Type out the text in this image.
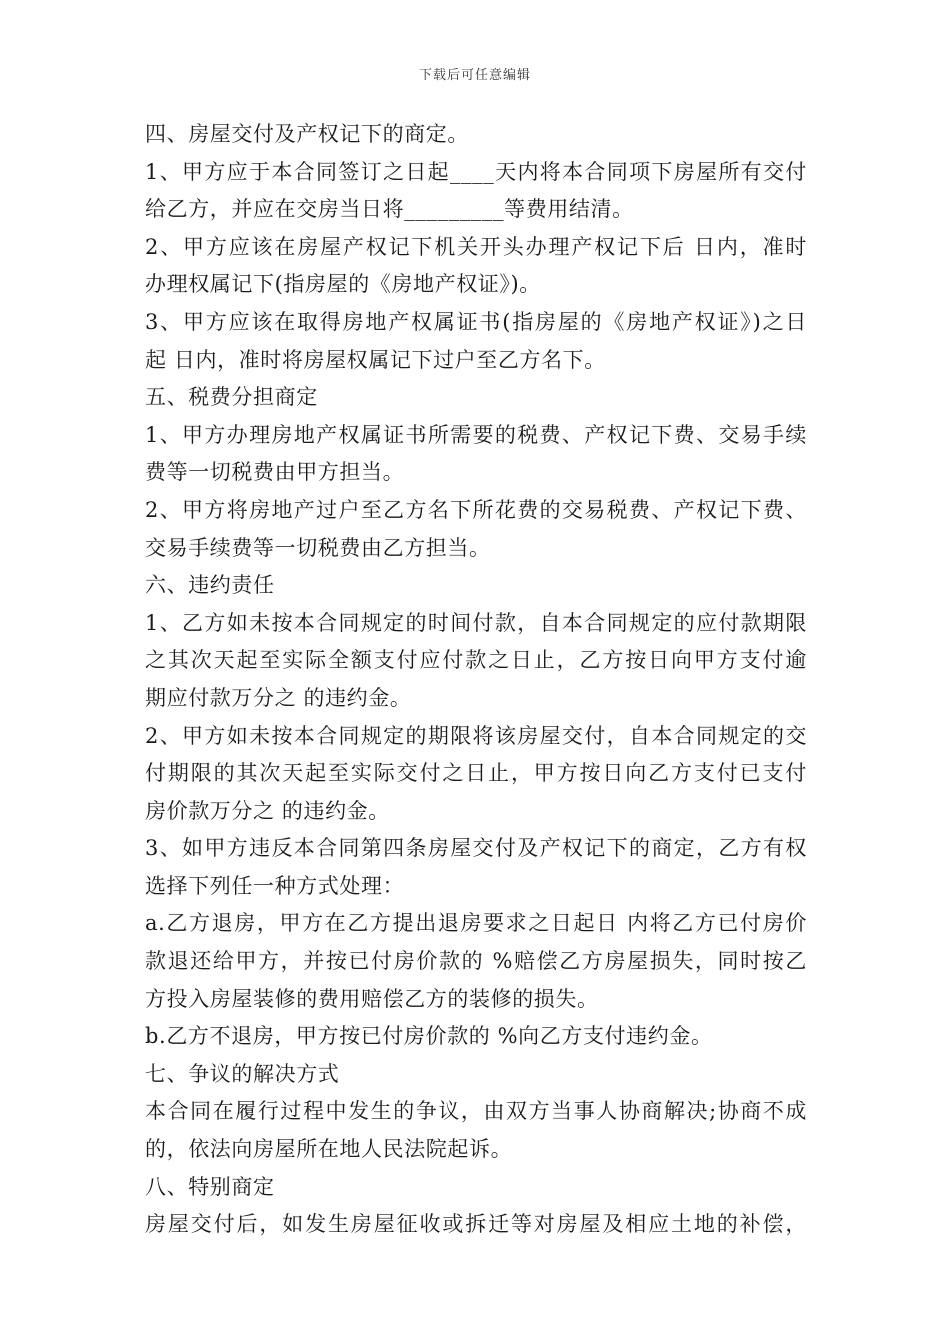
下载后可任意编辑
四、房屋交付及产权记下的商定。
1、甲方应于本合同签订之日起____天内将本合同项下房屋所有交付
给乙方，并应在交房当日将_________等费用结清。
2、甲方应该在房屋产权记下机关开头办理产权记下后 日内，准时
办理权属记下(指房屋的《房地产权证》)。
3、甲方应该在取得房地产权属证书(指房屋的《房地产权证》)之日
起 日内，准时将房屋权属记下过户至乙方名下。
五、税费分担商定
1、甲方办理房地产权属证书所需要的税费、产权记下费、交易手续
费等一切税费由甲方担当。
2、甲方将房地产过户至乙方名下所花费的交易税费、产权记下费、
交易手续费等一切税费由乙方担当。
六、违约责任
1、乙方如未按本合同规定的时间付款，自本合同规定的应付款期限
之其次天起至实际全额支付应付款之日止，乙方按日向甲方支付逾
期应付款万分之 的违约金。
2、甲方如未按本合同规定的期限将该房屋交付，自本合同规定的交
付期限的其次天起至实际交付之日止，甲方按日向乙方支付已支付
房价款万分之 的违约金。
3、如甲方违反本合同第四条房屋交付及产权记下的商定，乙方有权
选择下列任一种方式处理：
a.乙方退房，甲方在乙方提出退房要求之日起日 内将乙方已付房价
款退还给甲方，并按已付房价款的 %赔偿乙方房屋损失，同时按乙
方投入房屋装修的费用赔偿乙方的装修的损失。
b.乙方不退房，甲方按已付房价款的 %向乙方支付违约金。
七、争议的解决方式
本合同在履行过程中发生的争议，由双方当事人协商解决;协商不成
的，依法向房屋所在地人民法院起诉。
八、特别商定
房屋交付后，如发生房屋征收或拆迁等对房屋及相应土地的补偿，
